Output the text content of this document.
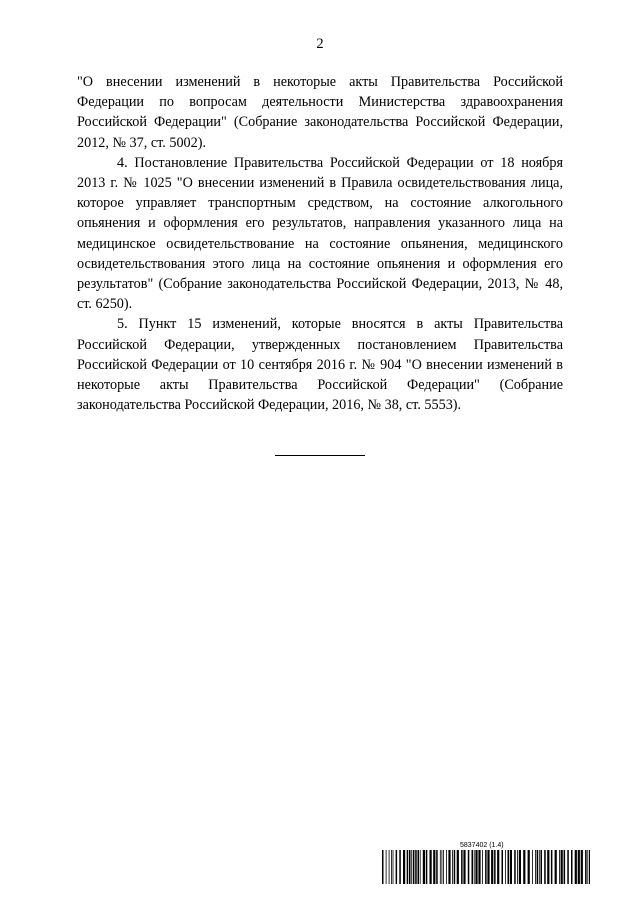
2

"О внесении изменений в некоторые акты Правительства Российской Федерации по вопросам деятельности Министерства здравоохранения Российской Федерации" (Собрание законодательства Российской Федерации, 2012, № 37, ст. 5002).

4. Постановление Правительства Российской Федерации от 18 ноября 2013 г. № 1025 "О внесении изменений в Правила освидетельствования лица, которое управляет транспортным средством, на состояние алкогольного опьянения и оформления его результатов, направления указанного лица на медицинское освидетельствование на состояние опьянения, медицинского освидетельствования этого лица на состояние опьянения и оформления его результатов" (Собрание законодательства Российской Федерации, 2013, № 48, ст. 6250).

5. Пункт 15 изменений, которые вносятся в акты Правительства Российской Федерации, утвержденных постановлением Правительства Российской Федерации от 10 сентября 2016 г. № 904 "О внесении изменений в некоторые акты Правительства Российской Федерации" (Собрание законодательства Российской Федерации, 2016, № 38, ст. 5553).

5837402 (1.4)
